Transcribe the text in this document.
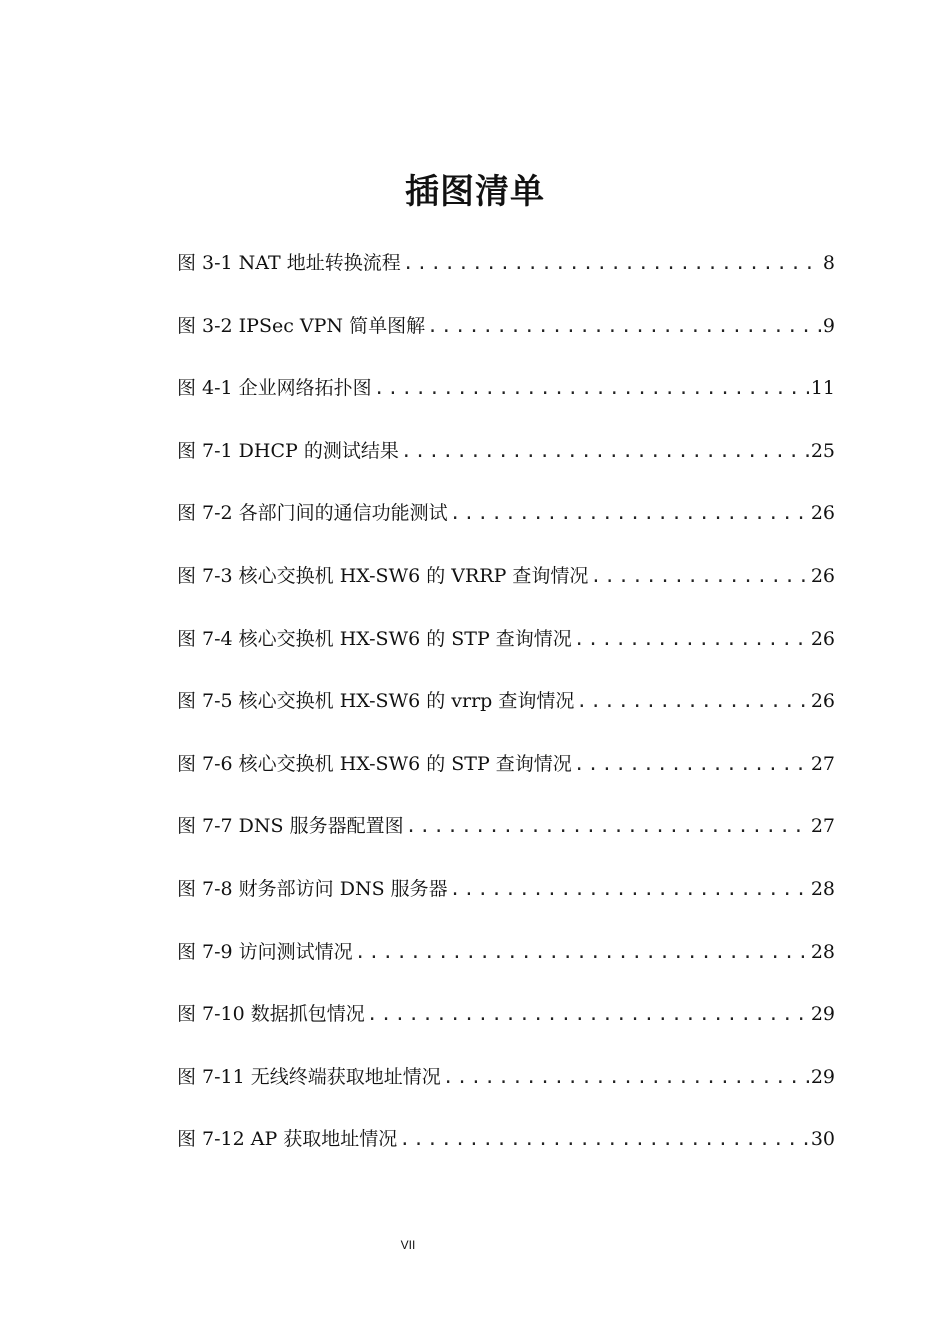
插图清单
图 3-1 NAT 地址转换流程 .....	8
图 3-2 IPSec VPN 简单图解 .....	9
图 4-1 企业网络拓扑图 .....	11
图 7-1 DHCP 的测试结果 .....	25
图 7-2 各部门间的通信功能测试 .....	26
图 7-3 核心交换机 HX-SW6 的 VRRP 查询情况 .....	26
图 7-4 核心交换机 HX-SW6 的 STP 查询情况 .....	26
图 7-5 核心交换机 HX-SW6 的 vrrp 查询情况 .....	26
图 7-6 核心交换机 HX-SW6 的 STP 查询情况 .....	27
图 7-7 DNS 服务器配置图 .....	27
图 7-8 财务部访问 DNS 服务器 .....	28
图 7-9 访问测试情况 .....	28
图 7-10 数据抓包情况 .....	29
图 7-11 无线终端获取地址情况 .....	29
图 7-12 AP 获取地址情况 .....	30
VII
